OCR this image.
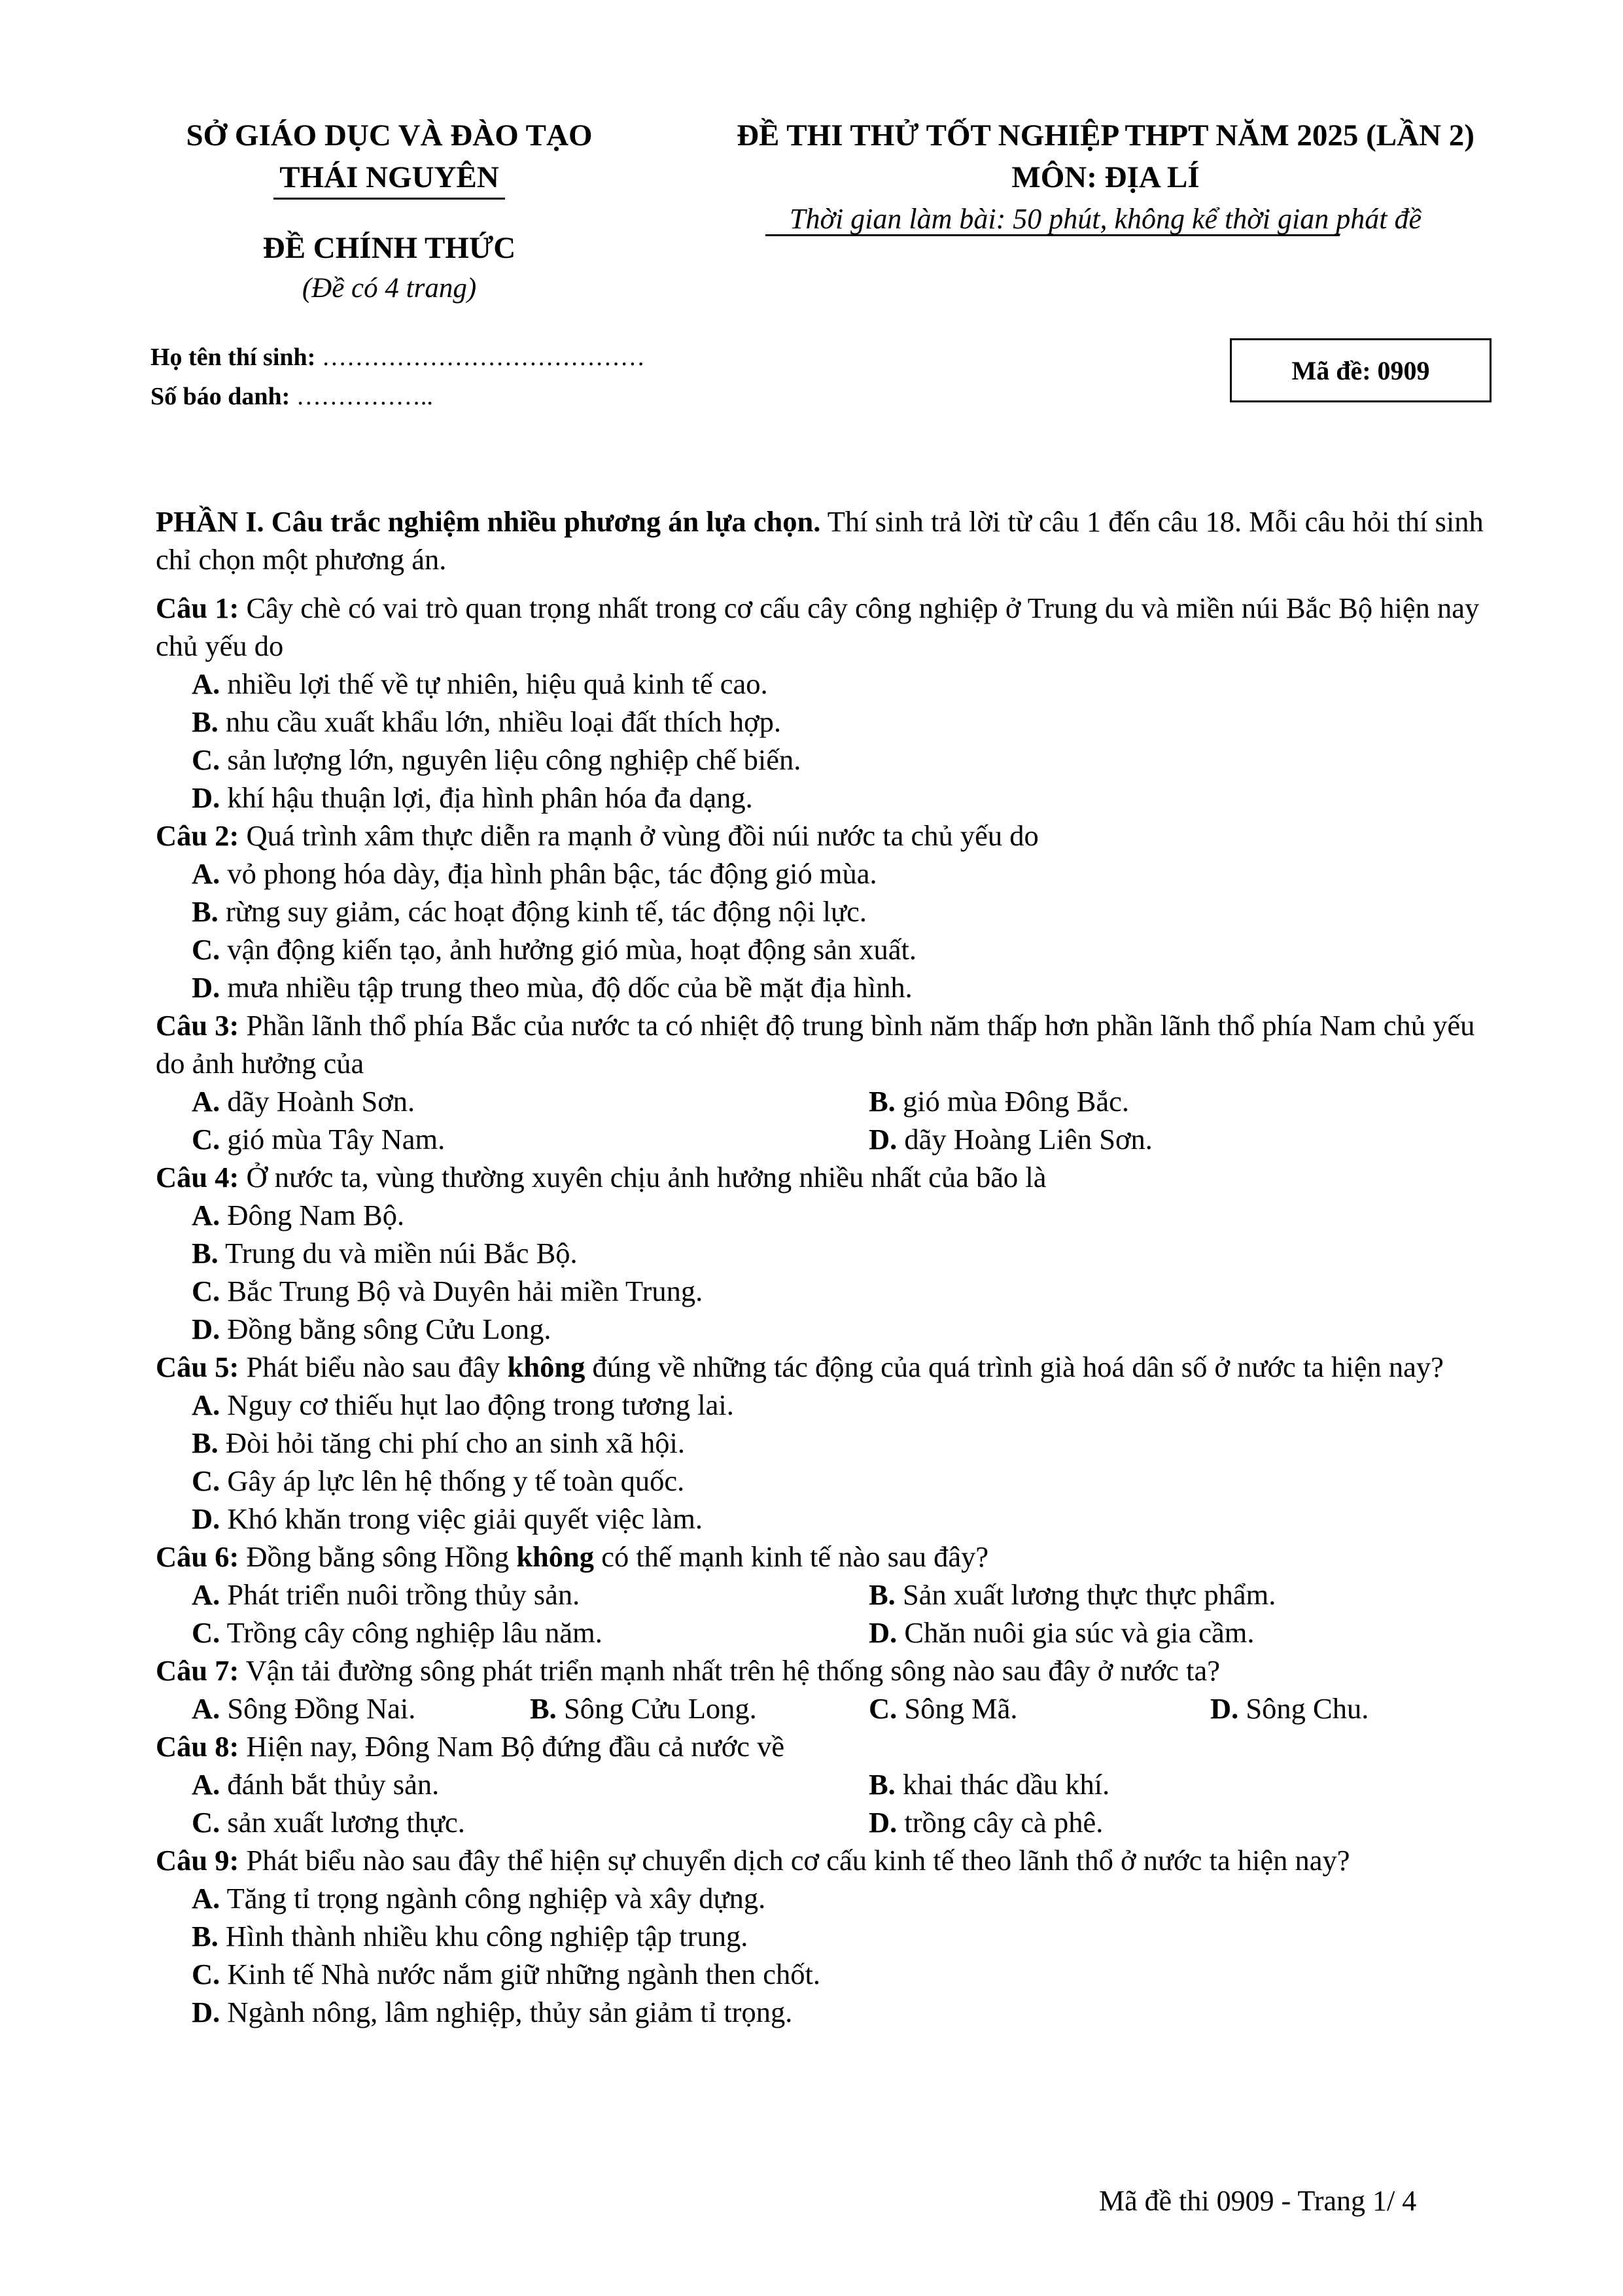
SỞ GIÁO DỤC VÀ ĐÀO TẠO
THÁI NGUYÊN
ĐỀ THI THỬ TỐT NGHIỆP THPT NĂM 2025 (LẦN 2)
MÔN: ĐỊA LÍ
Thời gian làm bài: 50 phút, không kể thời gian phát đề
ĐỀ CHÍNH THỨC
(Đề có 4 trang)
Họ tên thí sinh: …………………………………
Số báo danh: ……………..
Mã đề: 0909

PHẦN I. Câu trắc nghiệm nhiều phương án lựa chọn. Thí sinh trả lời từ câu 1 đến câu 18. Mỗi câu hỏi thí sinh chỉ chọn một phương án.

Câu 1: Cây chè có vai trò quan trọng nhất trong cơ cấu cây công nghiệp ở Trung du và miền núi Bắc Bộ hiện nay chủ yếu do

A. nhiều lợi thế về tự nhiên, hiệu quả kinh tế cao.

B. nhu cầu xuất khẩu lớn, nhiều loại đất thích hợp.

C. sản lượng lớn, nguyên liệu công nghiệp chế biến.

D. khí hậu thuận lợi, địa hình phân hóa đa dạng.

Câu 2: Quá trình xâm thực diễn ra mạnh ở vùng đồi núi nước ta chủ yếu do

A. vỏ phong hóa dày, địa hình phân bậc, tác động gió mùa.

B. rừng suy giảm, các hoạt động kinh tế, tác động nội lực.

C. vận động kiến tạo, ảnh hưởng gió mùa, hoạt động sản xuất.

D. mưa nhiều tập trung theo mùa, độ dốc của bề mặt địa hình.

Câu 3: Phần lãnh thổ phía Bắc của nước ta có nhiệt độ trung bình năm thấp hơn phần lãnh thổ phía Nam chủ yếu do ảnh hưởng của

A. dãy Hoành Sơn.	B. gió mùa Đông Bắc.
C. gió mùa Tây Nam.	D. dãy Hoàng Liên Sơn.

Câu 4: Ở nước ta, vùng thường xuyên chịu ảnh hưởng nhiều nhất của bão là

A. Đông Nam Bộ.

B. Trung du và miền núi Bắc Bộ.

C. Bắc Trung Bộ và Duyên hải miền Trung.

D. Đồng bằng sông Cửu Long.

Câu 5: Phát biểu nào sau đây không đúng về những tác động của quá trình già hoá dân số ở nước ta hiện nay?

A. Nguy cơ thiếu hụt lao động trong tương lai.

B. Đòi hỏi tăng chi phí cho an sinh xã hội.

C. Gây áp lực lên hệ thống y tế toàn quốc.

D. Khó khăn trong việc giải quyết việc làm.

Câu 6: Đồng bằng sông Hồng không có thế mạnh kinh tế nào sau đây?

A. Phát triển nuôi trồng thủy sản.	B. Sản xuất lương thực thực phẩm.
C. Trồng cây công nghiệp lâu năm.	D. Chăn nuôi gia súc và gia cầm.

Câu 7: Vận tải đường sông phát triển mạnh nhất trên hệ thống sông nào sau đây ở nước ta?

A. Sông Đồng Nai.	B. Sông Cửu Long.	C. Sông Mã.	D. Sông Chu.

Câu 8: Hiện nay, Đông Nam Bộ đứng đầu cả nước về

A. đánh bắt thủy sản.	B. khai thác dầu khí.
C. sản xuất lương thực.	D. trồng cây cà phê.

Câu 9: Phát biểu nào sau đây thể hiện sự chuyển dịch cơ cấu kinh tế theo lãnh thổ ở nước ta hiện nay?

A. Tăng tỉ trọng ngành công nghiệp và xây dựng.

B. Hình thành nhiều khu công nghiệp tập trung.

C. Kinh tế Nhà nước nắm giữ những ngành then chốt.

D. Ngành nông, lâm nghiệp, thủy sản giảm tỉ trọng.

Mã đề thi 0909 - Trang 1/ 4
